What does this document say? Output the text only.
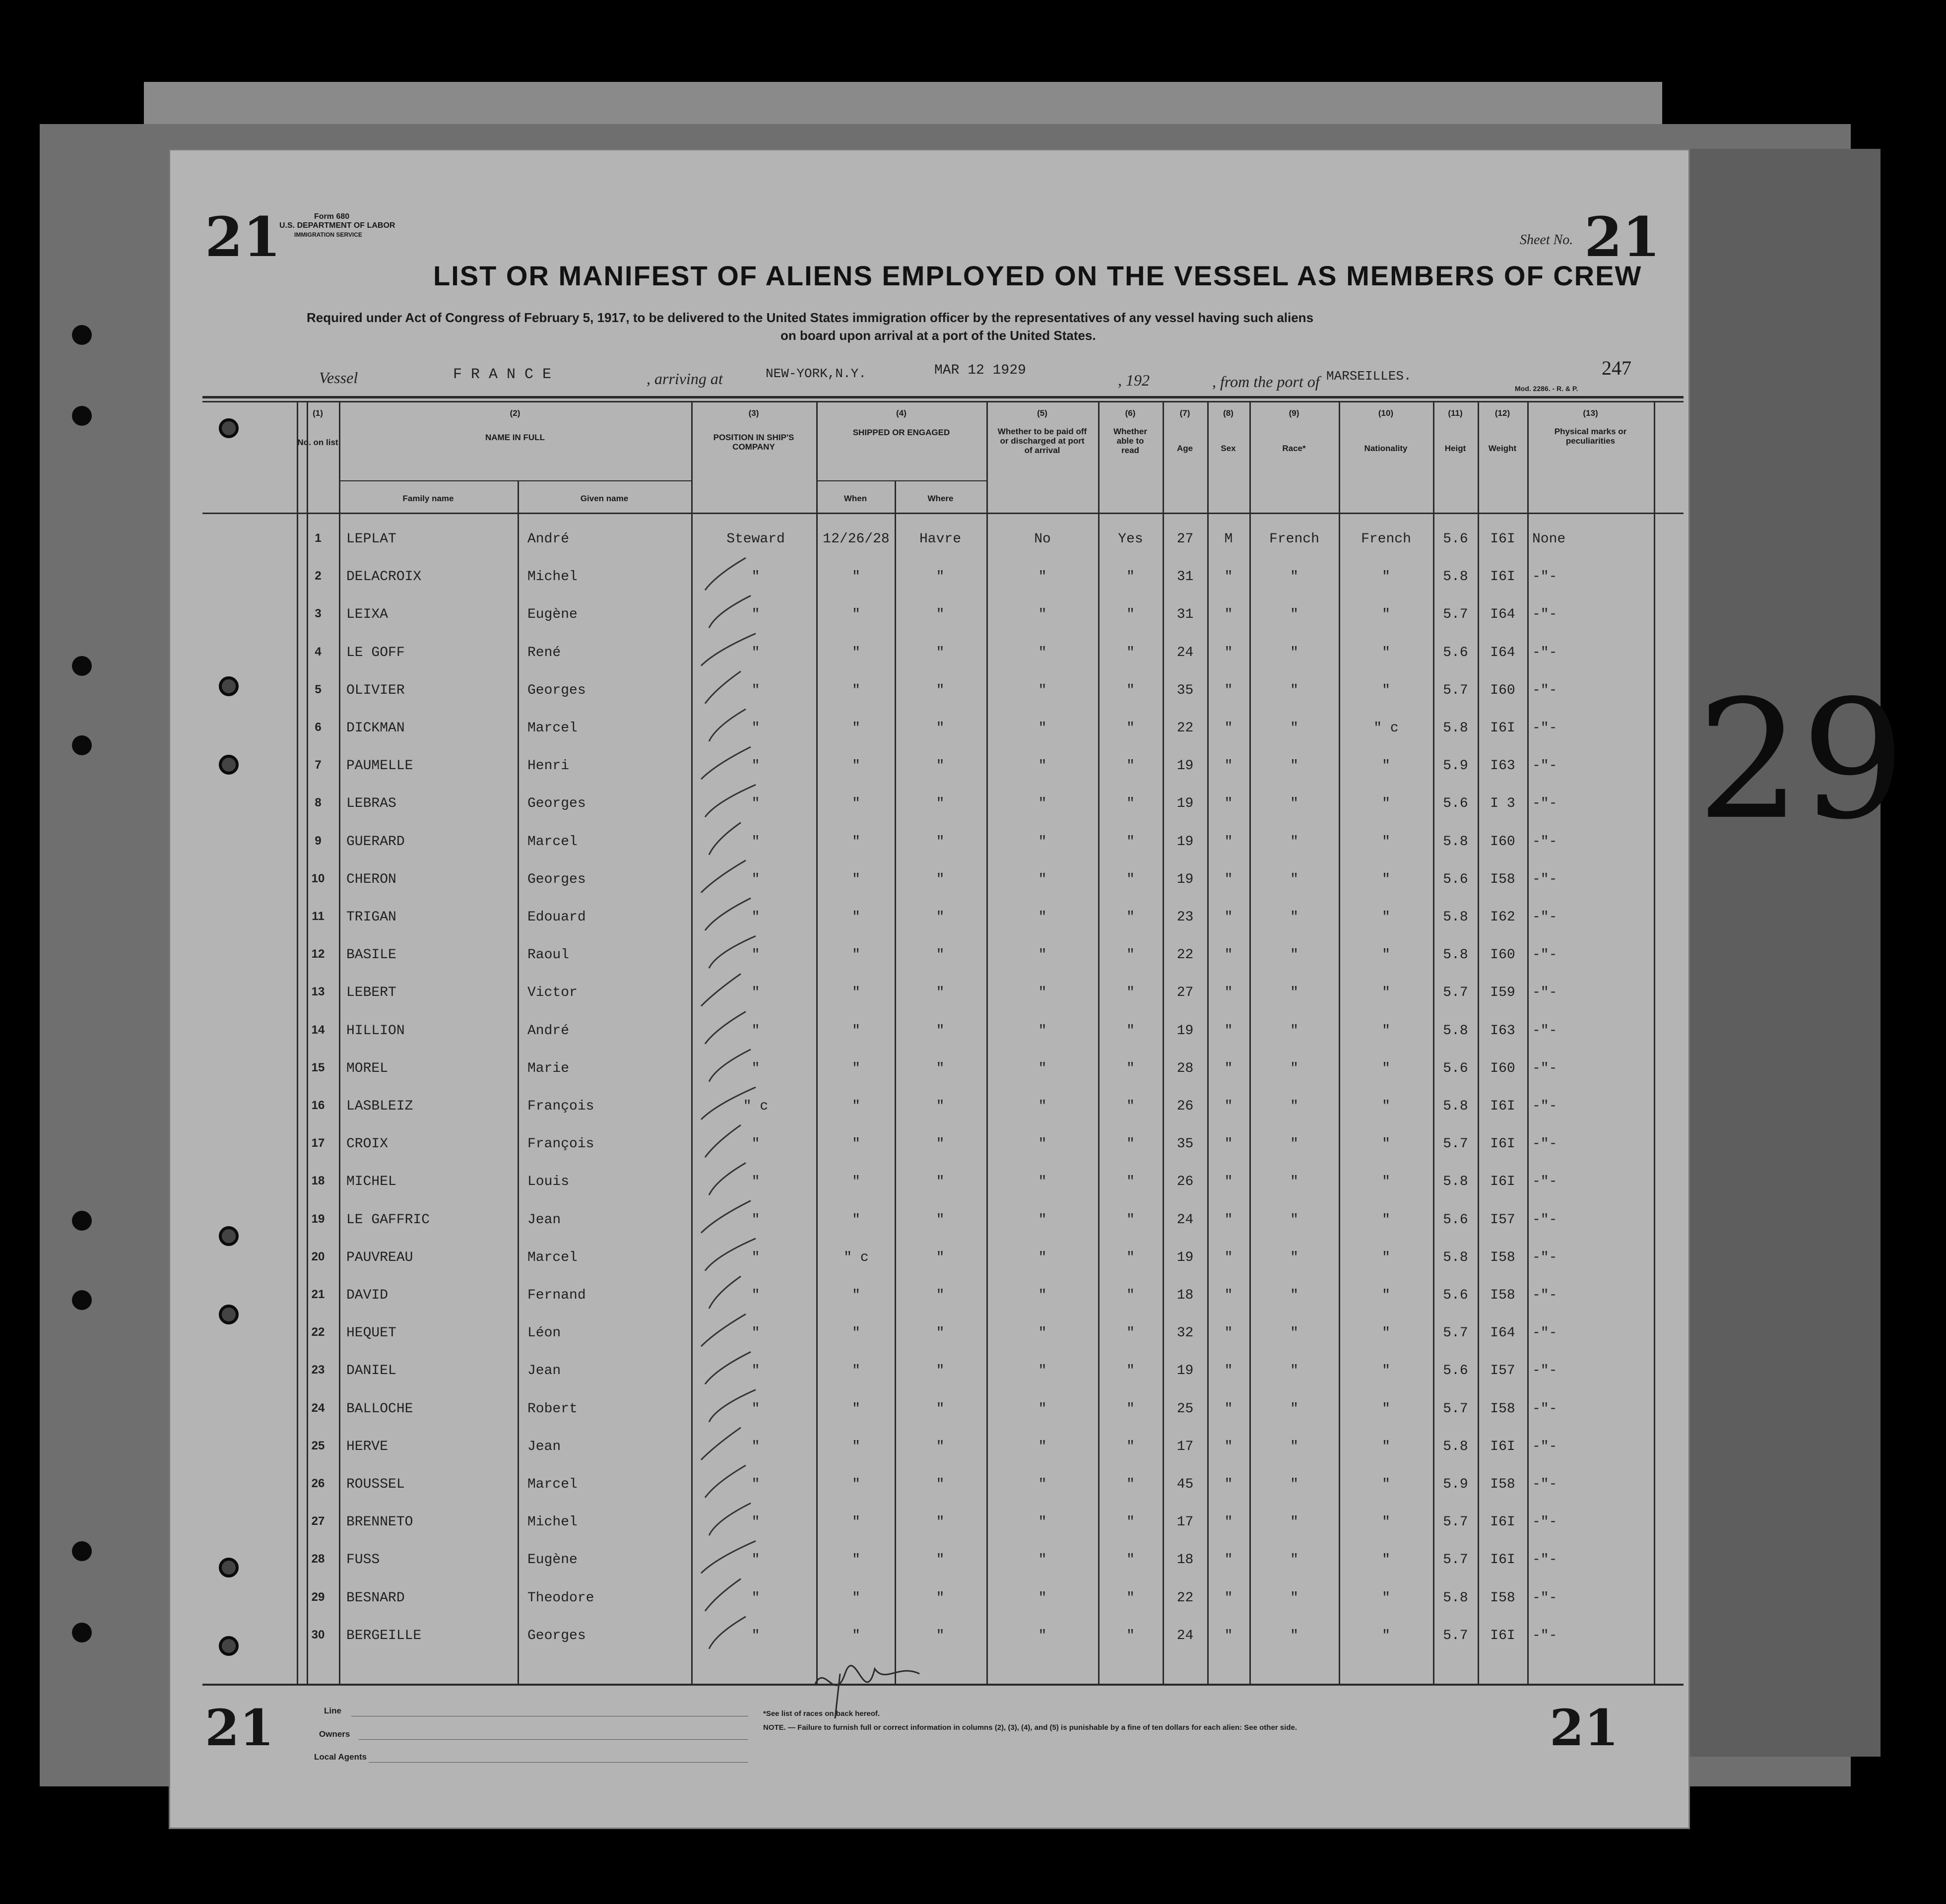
29
21	Form 680
U.S. DEPARTMENT OF LABOR
IMMIGRATION SERVICE	Sheet No. 21
LIST OR MANIFEST OF ALIENS EMPLOYED ON THE VESSEL AS MEMBERS OF CREW
Required under Act of Congress of February 5, 1917, to be delivered to the United States immigration officer by the representatives of any vessel having such aliens
on board upon arrival at a port of the United States.
Vessel	F R A N C E	, arriving at	NEW-YORK,N.Y.	MAR 12 1929
, 192	, from the port of MARSEILLES.	247
Mod. 2286. - R. & P.
(1)
No. on list
(2)
NAME IN FULL
Family name	Given name
(3)
POSITION IN SHIP'S COMPANY
(4)
SHIPPED OR ENGAGED
When	Where
(5)
Whether to be paid off or discharged at port of arrival
(6)
Whether able to read
(7)
Age
(8)
Sex
(9)
Race*
(10)
Nationality
(11)
Heigt
(12)
Weight
(13)
Physical marks or peculiarities
1	LEPLAT	André	Steward	12/26/28	Havre	No	Yes	27	M	French	French	5.6	I6I	None
2	DELACROIX	Michel	"	"	"	"	"	31	"	"	"	5.8	I6I	-"-
3	LEIXA	Eugène	"	"	"	"	"	31	"	"	"	5.7	I64	-"-
4	LE GOFF	René	"	"	"	"	"	24	"	"	"	5.6	I64	-"-
5	OLIVIER	Georges	"	"	"	"	"	35	"	"	"	5.7	I60	-"-
6	DICKMAN	Marcel	"	"	"	"	"	22	"	"	" c	5.8	I6I	-"-
7	PAUMELLE	Henri	"	"	"	"	"	19	"	"	"	5.9	I63	-"-
8	LEBRAS	Georges	"	"	"	"	"	19	"	"	"	5.6	I 3	-"-
9	GUERARD	Marcel	"	"	"	"	"	19	"	"	"	5.8	I60	-"-
10	CHERON	Georges	"	"	"	"	"	19	"	"	"	5.6	I58	-"-
11	TRIGAN	Edouard	"	"	"	"	"	23	"	"	"	5.8	I62	-"-
12	BASILE	Raoul	"	"	"	"	"	22	"	"	"	5.8	I60	-"-
13	LEBERT	Victor	"	"	"	"	"	27	"	"	"	5.7	I59	-"-
14	HILLION	André	"	"	"	"	"	19	"	"	"	5.8	I63	-"-
15	MOREL	Marie	"	"	"	"	"	28	"	"	"	5.6	I60	-"-
16	LASBLEIZ	François	" c	"	"	"	"	26	"	"	"	5.8	I6I	-"-
17	CROIX	François	"	"	"	"	"	35	"	"	"	5.7	I6I	-"-
18	MICHEL	Louis	"	"	"	"	"	26	"	"	"	5.8	I6I	-"-
19	LE GAFFRIC	Jean	"	"	"	"	"	24	"	"	"	5.6	I57	-"-
20	PAUVREAU	Marcel	"	" c	"	"	"	19	"	"	"	5.8	I58	-"-
21	DAVID	Fernand	"	"	"	"	"	18	"	"	"	5.6	I58	-"-
22	HEQUET	Léon	"	"	"	"	"	32	"	"	"	5.7	I64	-"-
23	DANIEL	Jean	"	"	"	"	"	19	"	"	"	5.6	I57	-"-
24	BALLOCHE	Robert	"	"	"	"	"	25	"	"	"	5.7	I58	-"-
25	HERVE	Jean	"	"	"	"	"	17	"	"	"	5.8	I6I	-"-
26	ROUSSEL	Marcel	"	"	"	"	"	45	"	"	"	5.9	I58	-"-
27	BRENNETO	Michel	"	"	"	"	"	17	"	"	"	5.7	I6I	-"-
28	FUSS	Eugène	"	"	"	"	"	18	"	"	"	5.7	I6I	-"-
29	BESNARD	Theodore	"	"	"	"	"	22	"	"	"	5.8	I58	-"-
30	BERGEILLE	Georges	"	"	"	"	"	24	"	"	"	5.7	I6I	-"-
Line
Owners
Local Agents
*See list of races on back hereof.
NOTE. — Failure to furnish full or correct information in columns (2), (3), (4), and (5) is punishable by a fine of ten dollars for each alien: See other side.
21	21
